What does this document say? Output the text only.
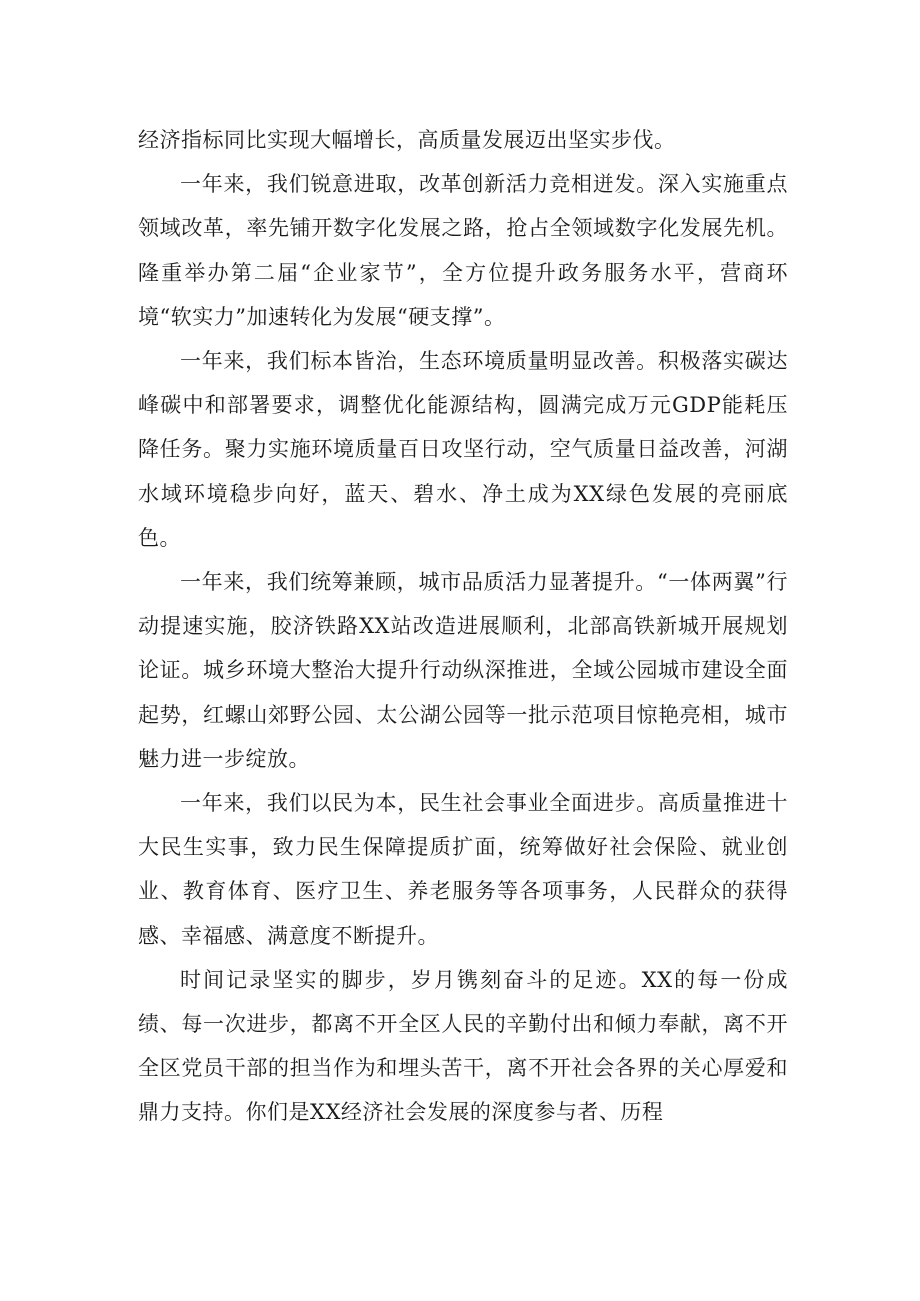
经济指标同比实现大幅增长，高质量发展迈出坚实步伐。

一年来，我们锐意进取，改革创新活力竞相迸发。深入实施重点领域改革，率先铺开数字化发展之路，抢占全领域数字化发展先机。隆重举办第二届“企业家节”，全方位提升政务服务水平，营商环境“软实力”加速转化为发展“硬支撑”。

一年来，我们标本皆治，生态环境质量明显改善。积极落实碳达峰碳中和部署要求，调整优化能源结构，圆满完成万元GDP能耗压降任务。聚力实施环境质量百日攻坚行动，空气质量日益改善，河湖水域环境稳步向好，蓝天、碧水、净土成为XX绿色发展的亮丽底色。

一年来，我们统筹兼顾，城市品质活力显著提升。“一体两翼”行动提速实施，胶济铁路XX站改造进展顺利，北部高铁新城开展规划论证。城乡环境大整治大提升行动纵深推进，全域公园城市建设全面起势，红螺山郊野公园、太公湖公园等一批示范项目惊艳亮相，城市魅力进一步绽放。

一年来，我们以民为本，民生社会事业全面进步。高质量推进十大民生实事，致力民生保障提质扩面，统筹做好社会保险、就业创业、教育体育、医疗卫生、养老服务等各项事务，人民群众的获得感、幸福感、满意度不断提升。

时间记录坚实的脚步，岁月镌刻奋斗的足迹。XX的每一份成绩、每一次进步，都离不开全区人民的辛勤付出和倾力奉献，离不开全区党员干部的担当作为和埋头苦干，离不开社会各界的关心厚爱和鼎力支持。你们是XX经济社会发展的深度参与者、历程
